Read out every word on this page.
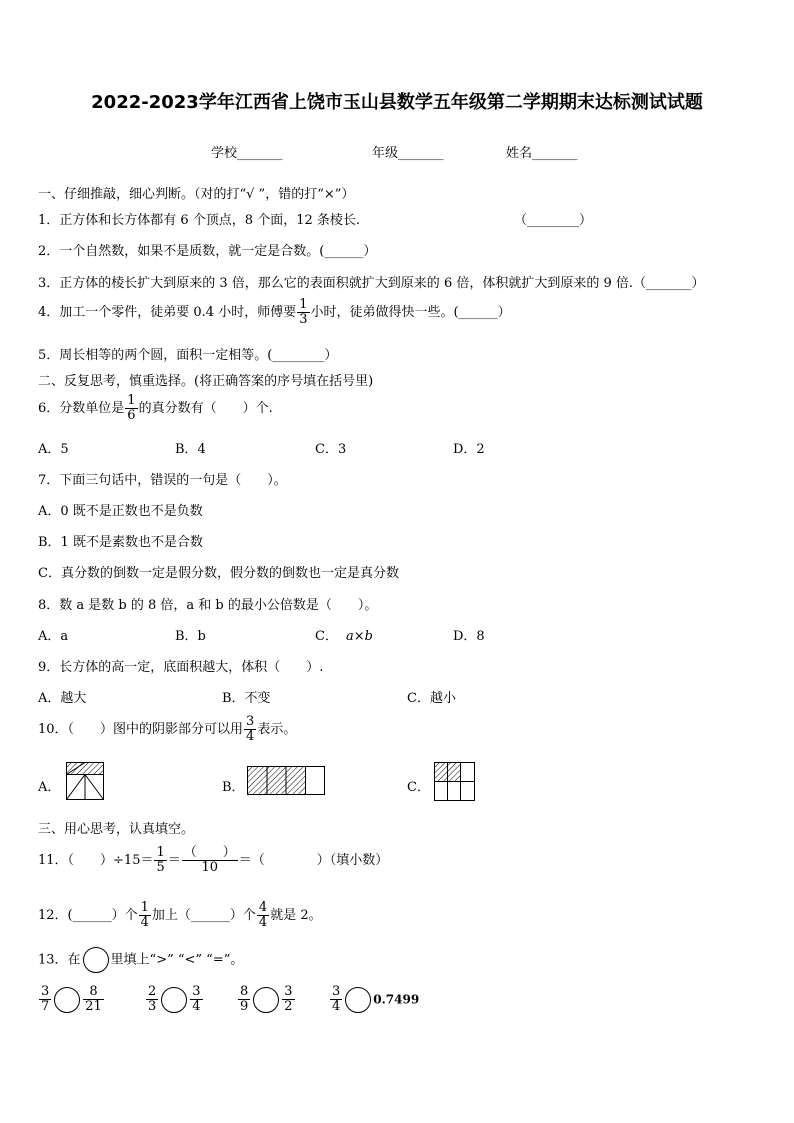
2022-2023学年江西省上饶市玉山县数学五年级第二学期期末达标测试试题
学校_______	年级_______	姓名_______
一、仔细推敲，细心判断。（对的打“√ ”，错的打“×”）
1．正方体和长方体都有 6 个顶点，8 个面，12 条棱长.	（________）
2．一个自然数，如果不是质数，就一定是合数。(______）
3．正方体的棱长扩大到原来的 3 倍，那么它的表面积就扩大到原来的 6 倍，体积就扩大到原来的 9 倍.（_______）
4．加工一个零件，徒弟要 0.4 小时，师傅要 $\frac{1}{3}$ 小时，徒弟做得快一些。(______）
5．周长相等的两个圆，面积一定相等。(________）
二、反复思考，慎重选择。(将正确答案的序号填在括号里)
6．分数单位是 $\frac{1}{6}$ 的真分数有（　　）个.
A．5	B．4	C．3	D．2
7．下面三句话中，错误的一句是（　　）。
A．0 既不是正数也不是负数
B．1 既不是素数也不是合数
C．真分数的倒数一定是假分数，假分数的倒数也一定是真分数
8．数 a 是数 b 的 8 倍，a 和 b 的最小公倍数是（　　）。
A．a	B．b	C． a×b	D．8
9．长方体的高一定，底面积越大，体积（　　）.
A．越大	B．不变	C．越小
10．（　　）图中的阴影部分可以用 $\frac{3}{4}$ 表示。
A．	B．	C．
三、用心思考，认真填空。
11．（　　）$\div 15= \frac{1}{5} = \frac{( )}{10}$ ＝（　　　　）（填小数）
12．(______）个 $\frac{1}{4}$ 加上（______）个 $\frac{4}{4}$ 就是 2。
13．在 里填上“>” “<” “=”。
$\frac{3}{7} \frac{8}{21}$	$\frac{2}{3} \frac{3}{4}$	$\frac{8}{9} \frac{3}{2}$	$\frac{3}{4}$	0.7499
